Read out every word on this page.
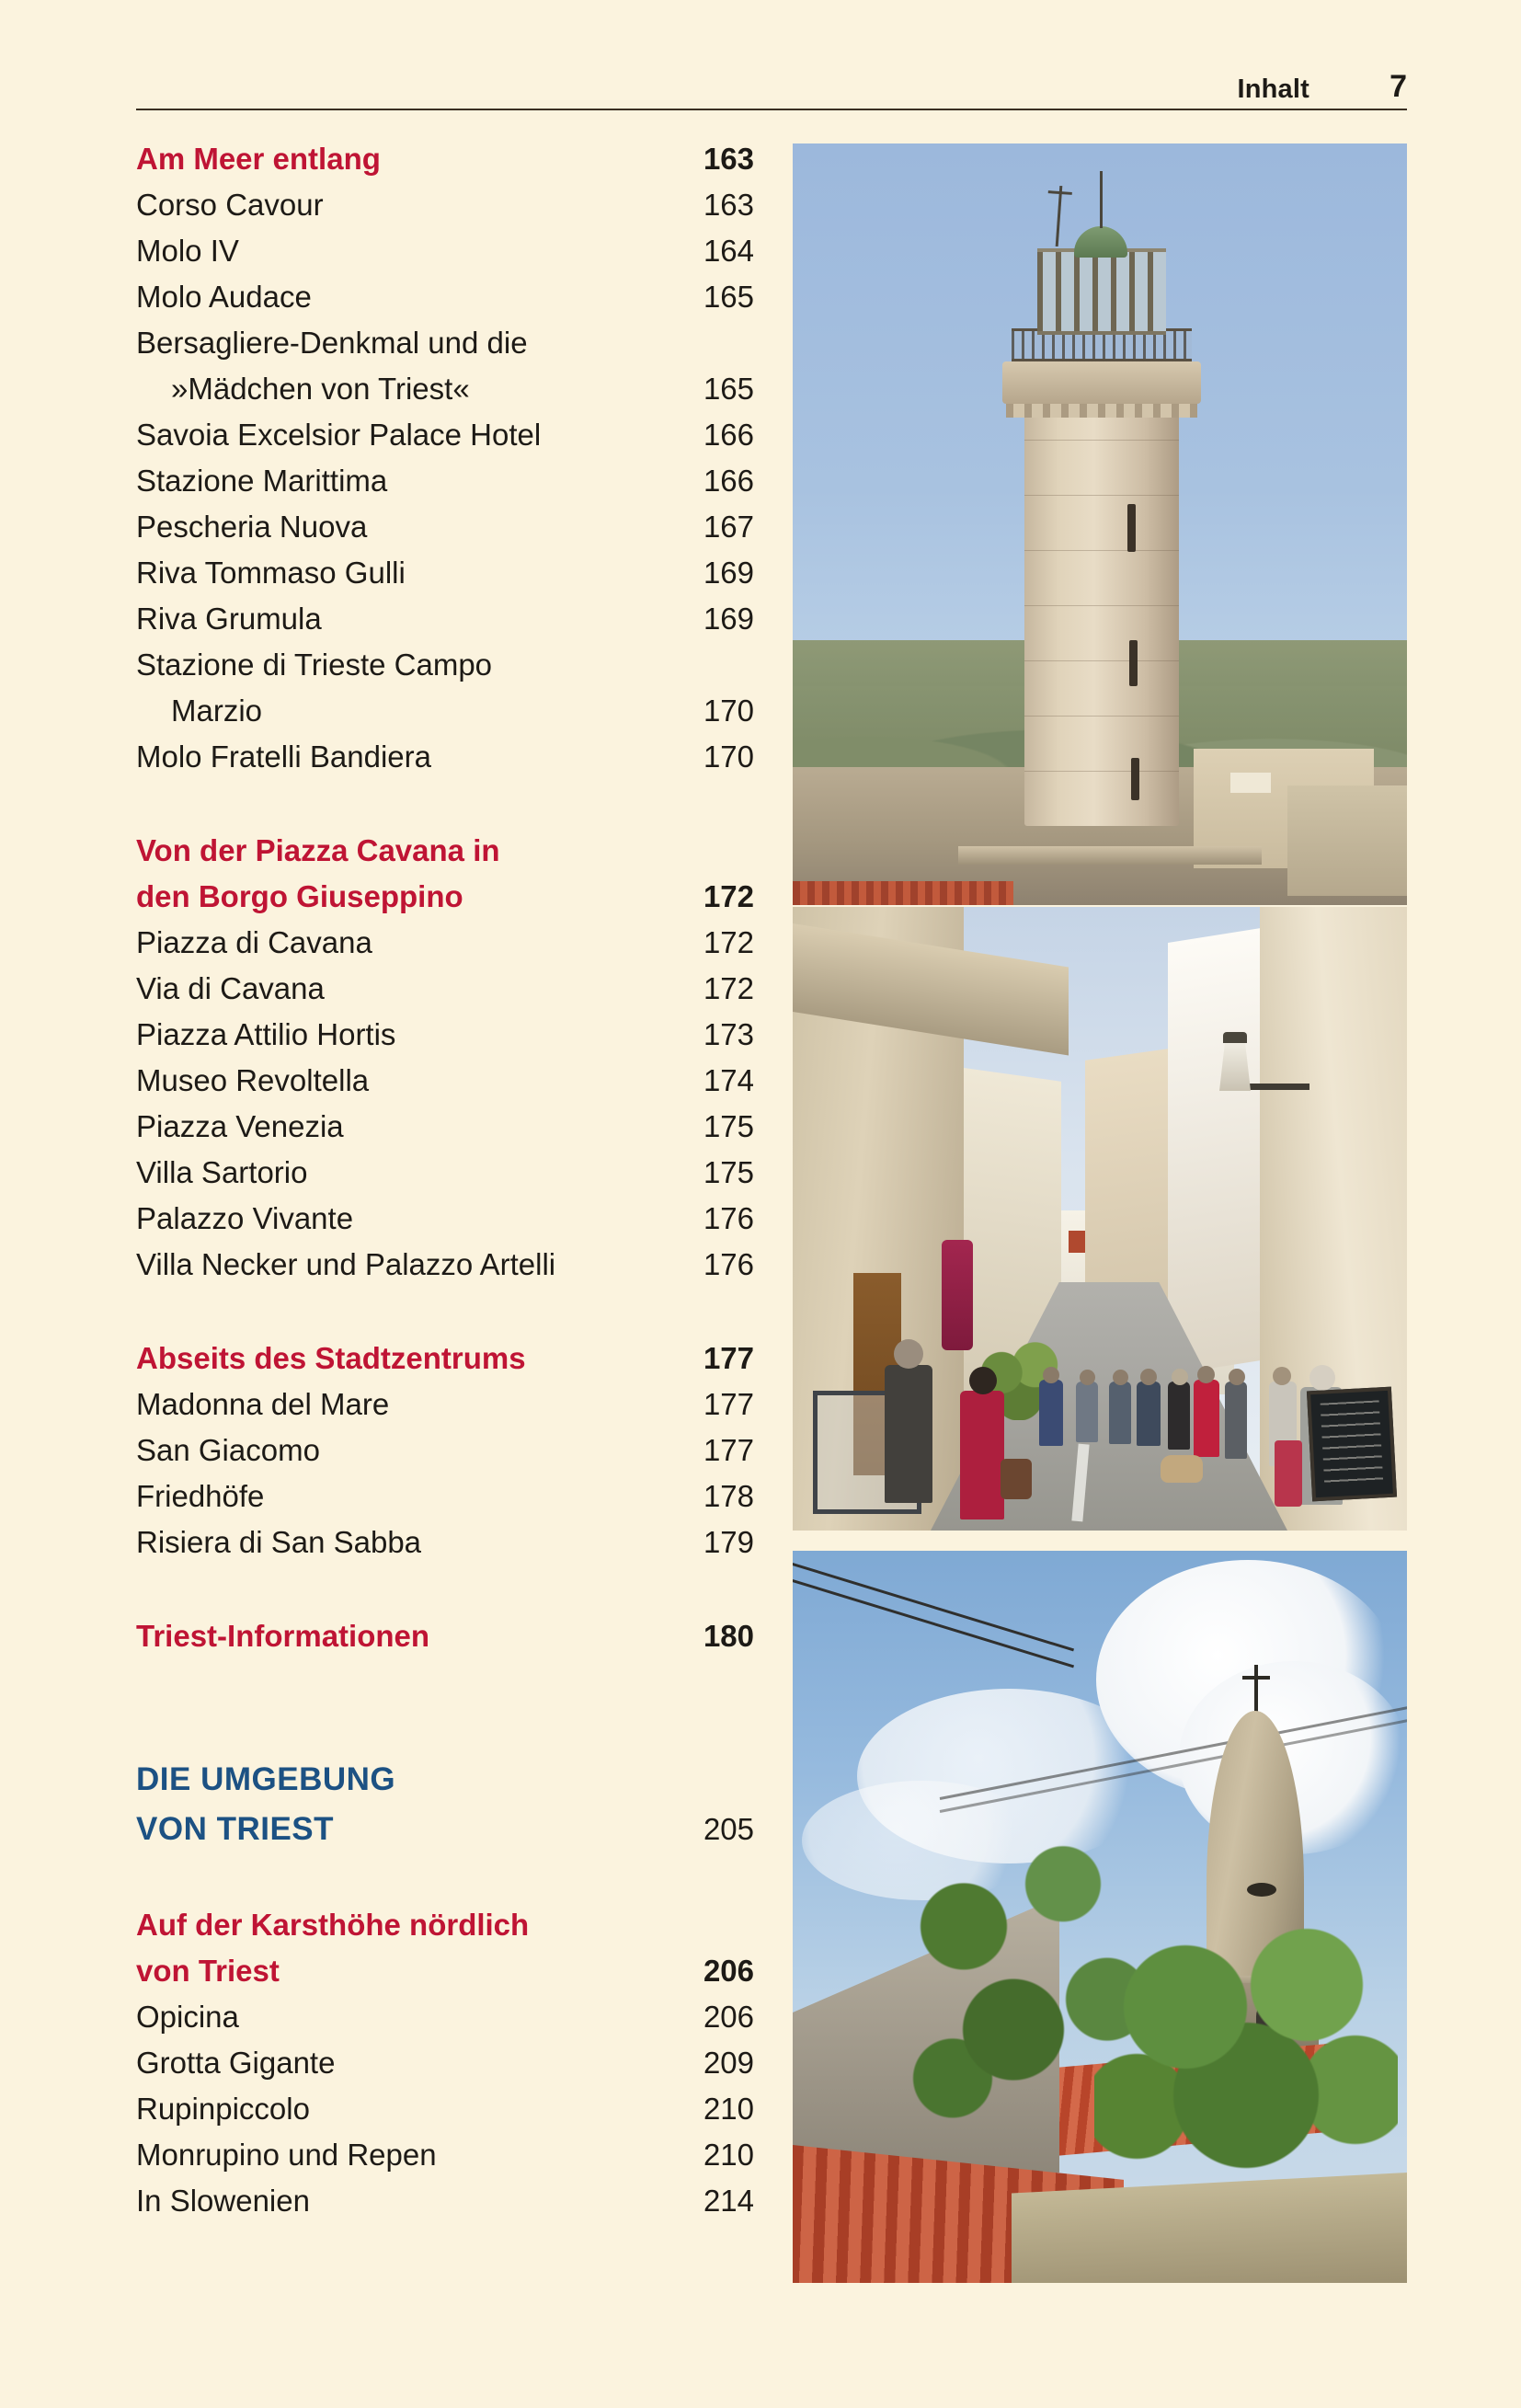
Inhalt	7
Am Meer entlang	163
Corso Cavour	163
Molo IV	164
Molo Audace	165
Bersagliere-Denkmal und die
»Mädchen von Triest«	165
Savoia Excelsior Palace Hotel	166
Stazione Marittima	166
Pescheria Nuova	167
Riva Tommaso Gulli	169
Riva Grumula	169
Stazione di Trieste Campo
Marzio	170
Molo Fratelli Bandiera	170
Von der Piazza Cavana in
den Borgo Giuseppino	172
Piazza di Cavana	172
Via di Cavana	172
Piazza Attilio Hortis	173
Museo Revoltella	174
Piazza Venezia	175
Villa Sartorio	175
Palazzo Vivante	176
Villa Necker und Palazzo Artelli	176
Abseits des Stadtzentrums	177
Madonna del Mare	177
San Giacomo	177
Friedhöfe	178
Risiera di San Sabba	179
Triest-Informationen	180
DIE UMGEBUNG
VON TRIEST	205
Auf der Karsthöhe nördlich
von Triest	206
Opicina	206
Grotta Gigante	209
Rupinpiccolo	210
Monrupino und Repen	210
In Slowenien	214
